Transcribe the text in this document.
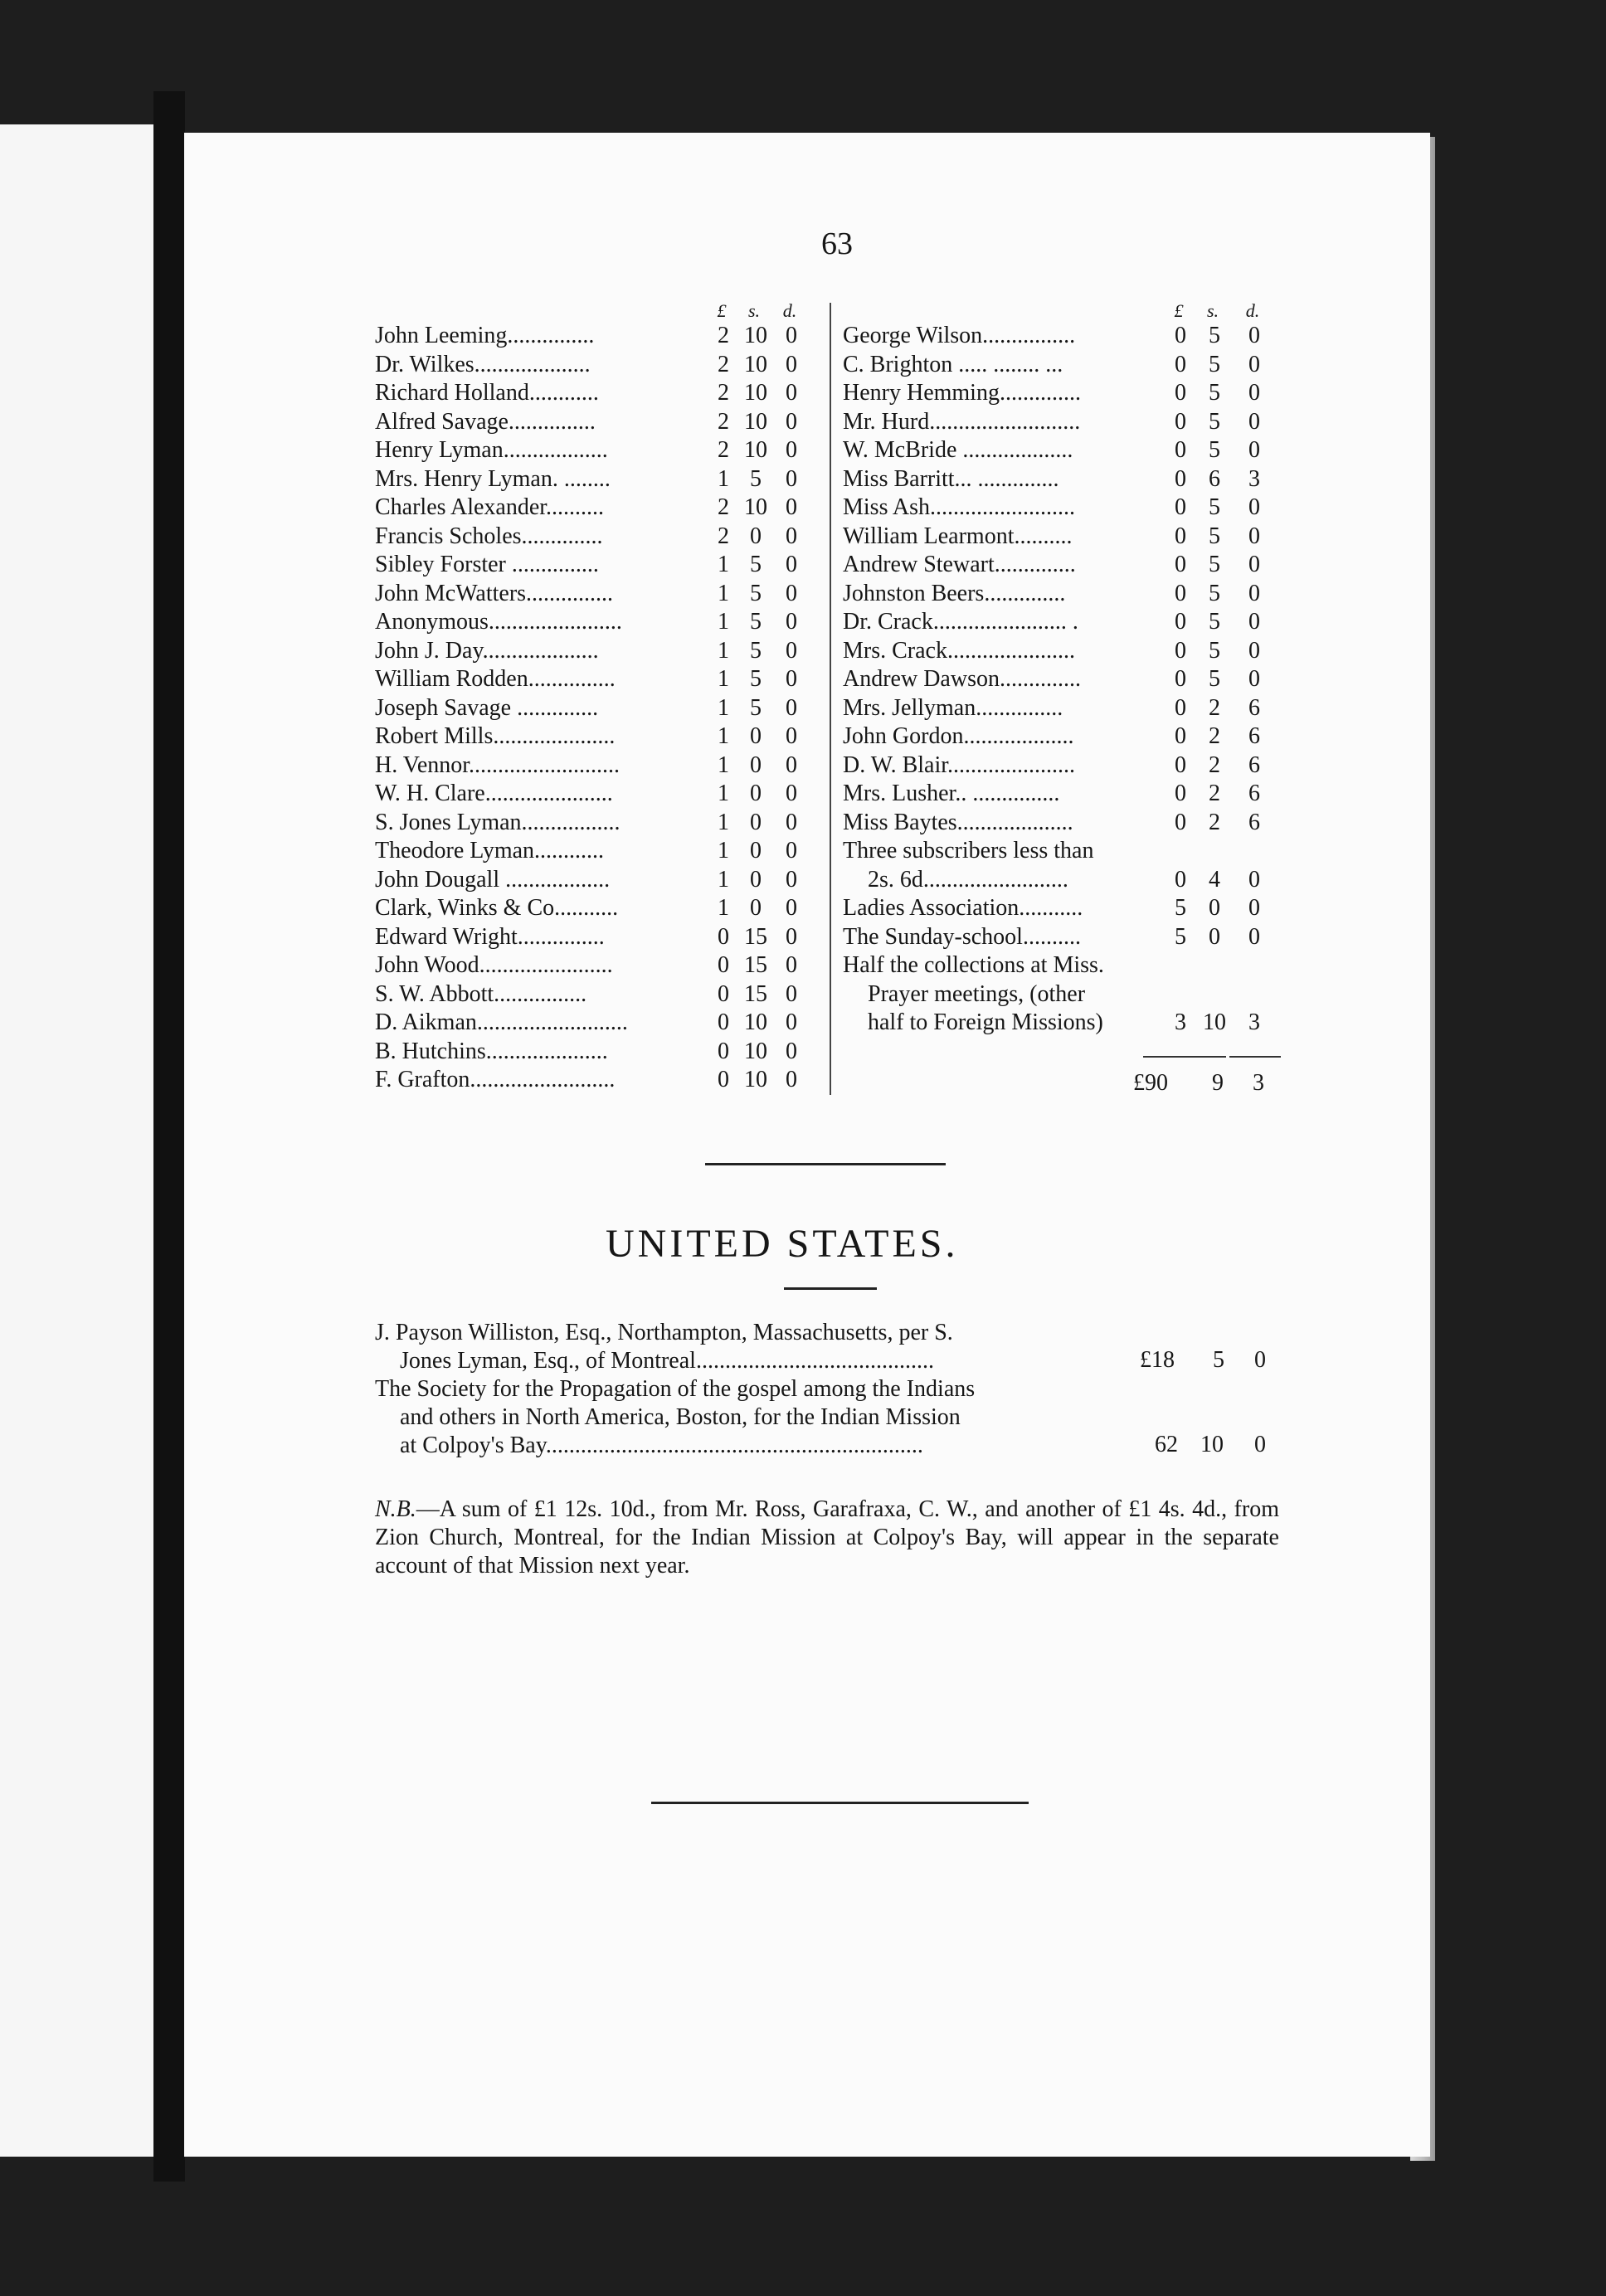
63
£	s.	d.
John Leeming...............	2 10 0
Dr. Wilkes....................	2 10 0
Richard Holland............	2 10 0
Alfred Savage...............	2 10 0
Henry Lyman..................	2 10 0
Mrs. Henry Lyman. ........	1 5	0
Charles Alexander..........	2 10 0
Francis Scholes..............	2 0	0
Sibley Forster ...............	1 5	0
John McWatters...............	1 5	0
Anonymous.......................	1 5	0
John J. Day....................	1 5	0
William Rodden...............	1 5	0
Joseph Savage ..............	1 5	0
Robert Mills.....................	1 0	0
H. Vennor..........................	1 0	0
W. H. Clare......................	1 0	0
S. Jones Lyman.................	1 0	0
Theodore Lyman............	1 0	0
John Dougall ..................	1 0	0
Clark, Winks & Co...........	1 0	0
Edward Wright...............	0 15 0
John Wood.......................	0 15 0
S. W. Abbott................	0 15 0
D. Aikman..........................	0 10 0
B. Hutchins.....................	0 10 0
F. Grafton.........................	0 10 0
£	s.	d.
George Wilson................	0 5	0
C. Brighton ..... ........ ...	0 5	0
Henry Hemming..............	0 5	0
Mr. Hurd..........................	0 5	0
W. McBride ...................	0 5	0
Miss Barritt... ..............	0 6	3
Miss Ash.........................	0 5	0
William Learmont..........	0 5	0
Andrew Stewart..............	0 5	0
Johnston Beers..............	0 5	0
Dr. Crack....................... .	0 5	0
Mrs. Crack......................	0 5	0
Andrew Dawson..............	0 5	0
Mrs. Jellyman...............	0 2	6
John Gordon...................	0 2	6
D. W. Blair......................	0 2	6
Mrs. Lusher.. ...............	0 2	6
Miss Baytes....................	0 2	6
Three subscribers less than
2s. 6d.........................	0 4	0
Ladies Association...........	5 0	0
The Sunday-school..........	5 0	0
Half the collections at Miss.
Prayer meetings, (other
half to Foreign Missions)	3 10 3
£90 9 3
UNITED STATES.
J. Payson Williston, Esq., Northampton, Massachusetts, per S.
Jones Lyman, Esq., of Montreal.........................................	£18 5 0
The Society for the Propagation of the gospel among the Indians
and others in North America, Boston, for the Indian Mission
at Colpoy's Bay.................................................................	62 10 0
N.B.—A sum of £1 12s. 10d., from Mr. Ross, Garafraxa, C. W., and another of £1 4s. 4d., from Zion Church, Montreal, for the Indian Mission at Colpoy's Bay, will appear in the separate account of that Mission next year.
